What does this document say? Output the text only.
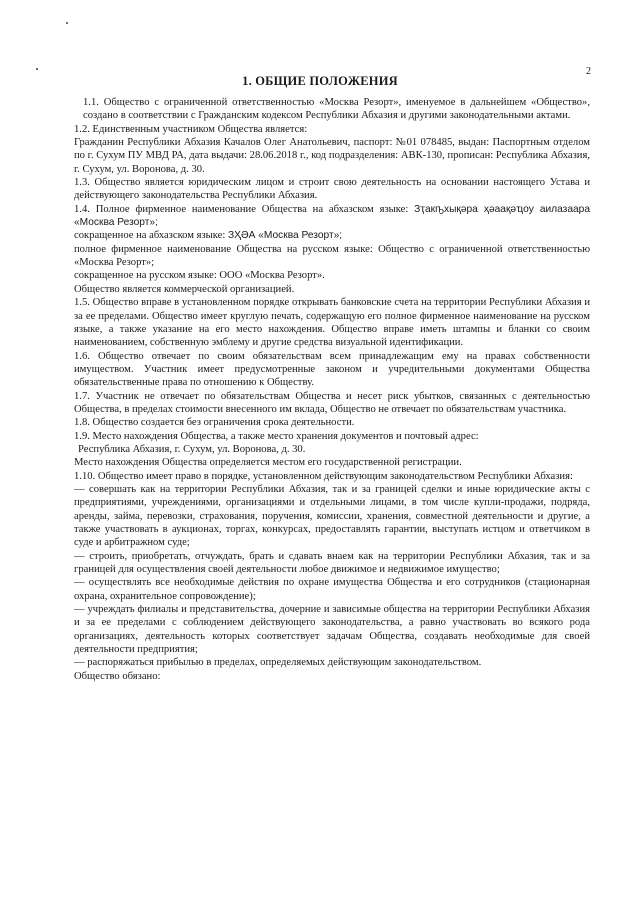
2
1. ОБЩИЕ ПОЛОЖЕНИЯ

1.1. Общество с ограниченной ответственностью «Москва Резорт», именуемое в дальнейшем «Общество», создано в соответствии с Гражданским кодексом Республики Абхазия и другими законодательными актами.

1.2. Единственным участником Общества является:

Гражданин Республики Абхазия Качалов Олег Анатольевич, паспорт: №01 078485, выдан: Паспортным отделом по г. Сухум ПУ МВД РА, дата выдачи: 28.06.2018 г., код подразделения: АВК-130, прописан: Республика Абхазия, г. Сухум, ул. Воронова, д. 30.

1.3. Общество является юридическим лицом и строит свою деятельность на основании настоящего Устава и действующего законодательства Республики Абхазия.

1.4. Полное фирменное наименование Общества на абхазском языке: Зҭакҧхықәра ҳәаақәҵоу аилазаара «Москва Резорт»;

сокращенное на абхазском языке: ЗҲӘА «Москва Резорт»;

полное фирменное наименование Общества на русском языке: Общество с ограниченной ответственностью «Москва Резорт»;

сокращенное на русском языке: ООО «Москва Резорт».

Общество является коммерческой организацией.

1.5. Общество вправе в установленном порядке открывать банковские счета на территории Республики Абхазия и за ее пределами. Общество имеет круглую печать, содержащую его полное фирменное наименование на русском языке, а также указание на его место нахождения. Общество вправе иметь штампы и бланки со своим наименованием, собственную эмблему и другие средства визуальной идентификации.

1.6. Общество отвечает по своим обязательствам всем принадлежащим ему на правах собственности имуществом. Участник имеет предусмотренные законом и учредительными документами Общества обязательственные права по отношению к Обществу.

1.7. Участник не отвечает по обязательствам Общества и несет риск убытков, связанных с деятельностью Общества, в пределах стоимости внесенного им вклада, Общество не отвечает по обязательствам участника.

1.8. Общество создается без ограничения срока деятельности.

1.9. Место нахождения Общества, а также место хранения документов и почтовый адрес:

Республика Абхазия, г. Сухум, ул. Воронова, д. 30.

Место нахождения Общества определяется местом его государственной регистрации.

1.10. Общество имеет право в порядке, установленном действующим законодательством Республики Абхазия:

— совершать как на территории Республики Абхазия, так и за границей сделки и иные юридические акты с предприятиями, учреждениями, организациями и отдельными лицами, в том числе купли-продажи, подряда, аренды, займа, перевозки, страхования, поручения, комиссии, хранения, совместной деятельности и другие, а также участвовать в аукционах, торгах, конкурсах, предоставлять гарантии, выступать истцом и ответчиком в суде и арбитражном суде;

— строить, приобретать, отчуждать, брать и сдавать внаем как на территории Республики Абхазия, так и за границей для осуществления своей деятельности любое движимое и недвижимое имущество;

— осуществлять все необходимые действия по охране имущества Общества и его сотрудников (стационарная охрана, охранительное сопровождение);

— учреждать филиалы и представительства, дочерние и зависимые общества на территории Республики Абхазия и за ее пределами с соблюдением действующего законодательства, а равно участвовать во всякого рода организациях, деятельность которых соответствует задачам Общества, создавать необходимые для своей деятельности предприятия;

— распоряжаться прибылью в пределах, определяемых действующим законодательством.

Общество обязано:
